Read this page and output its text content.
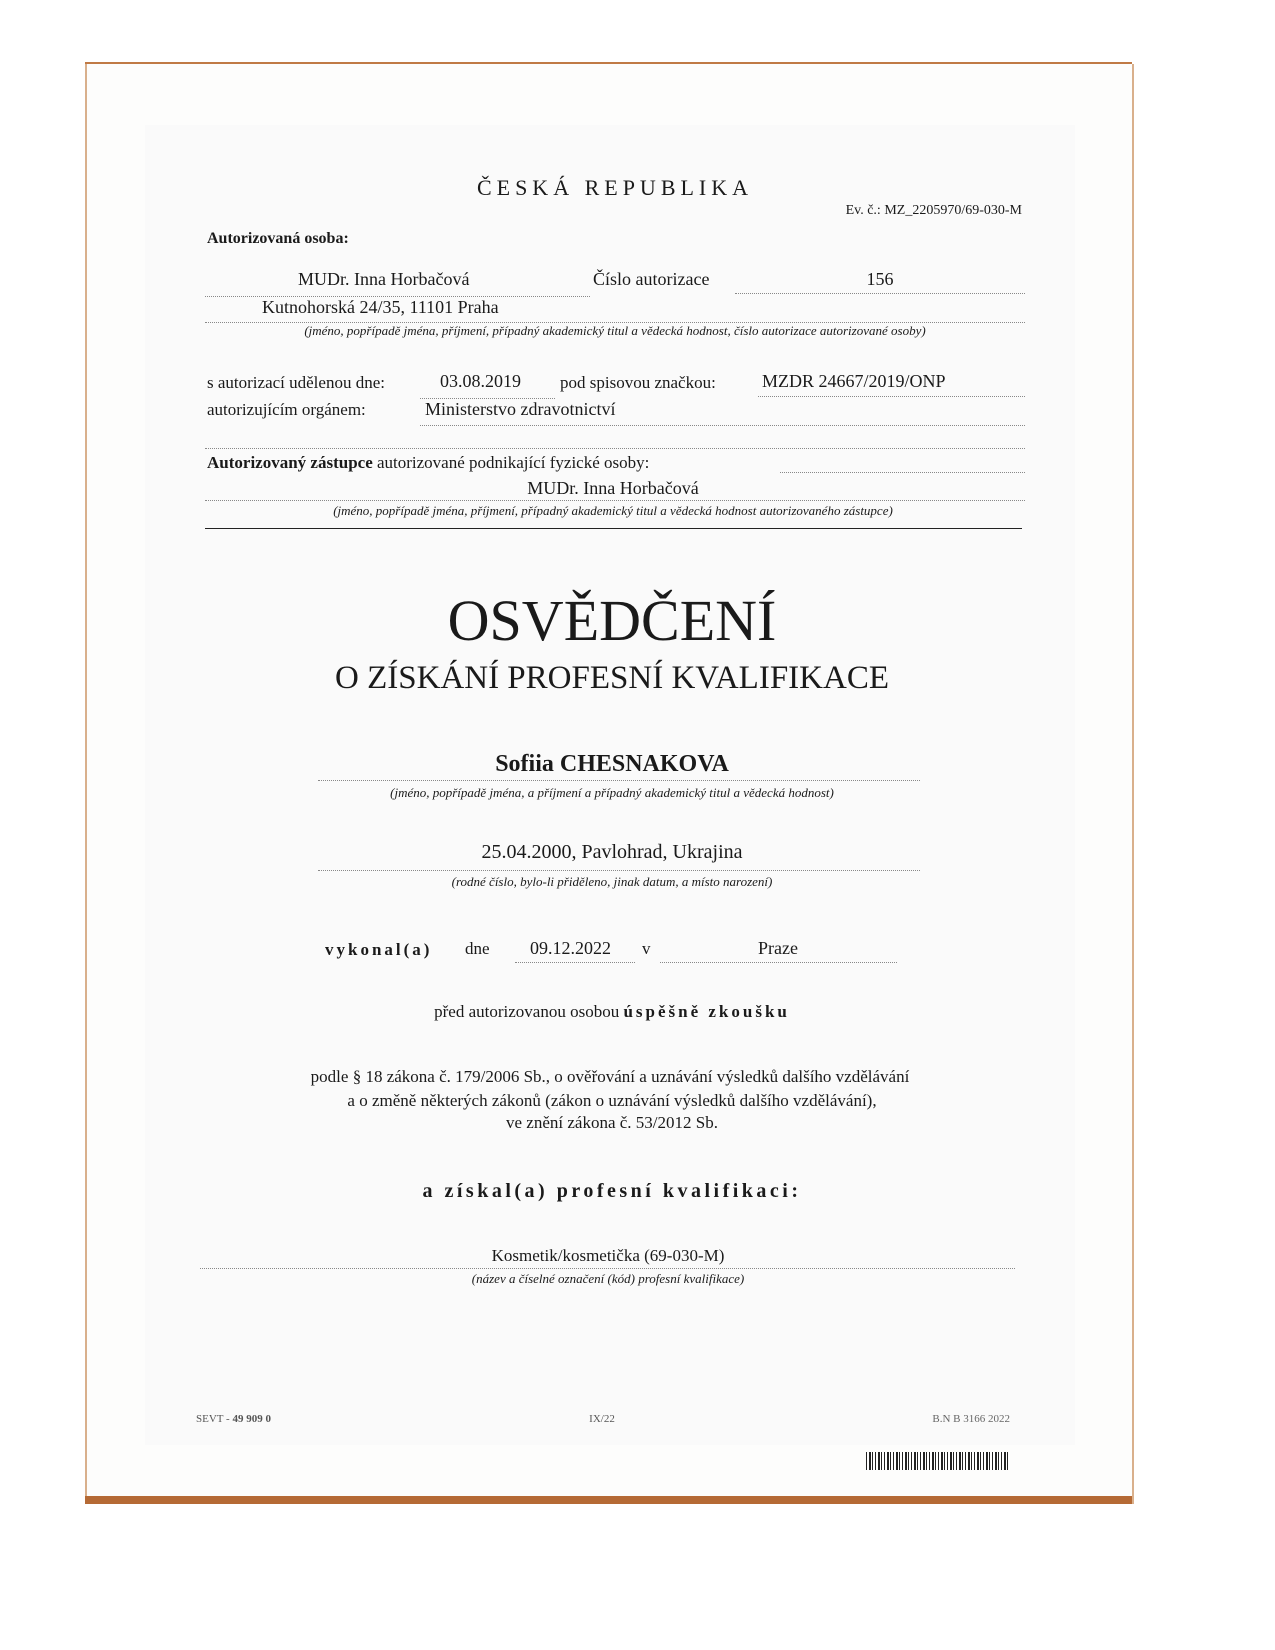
ČESKÁ REPUBLIKA
Ev. č.: MZ_2205970/69-030-M
Autorizovaná osoba:
MUDr. Inna Horbačová	Číslo autorizace	156
Kutnohorská 24/35, 11101 Praha
(jméno, popřípadě jména, příjmení, případný akademický titul a vědecká hodnost, číslo autorizace autorizované osoby)
s autorizací udělenou dne:	03.08.2019 pod spisovou značkou:	MZDR 24667/2019/ONP
autorizujícím orgánem:	Ministerstvo zdravotnictví
Autorizovaný zástupce autorizované podnikající fyzické osoby:
MUDr. Inna Horbačová
(jméno, popřípadě jména, příjmení, případný akademický titul a vědecká hodnost autorizovaného zástupce)
OSVĚDČENÍ
O ZÍSKÁNÍ PROFESNÍ KVALIFIKACE
Sofiia CHESNAKOVA
(jméno, popřípadě jména, a příjmení a případný akademický titul a vědecká hodnost)
25.04.2000, Pavlohrad, Ukrajina
(rodné číslo, bylo-li přiděleno, jinak datum, a místo narození)
vykonal(a) dne 09.12.2022 v	Praze
před autorizovanou osobou úspěšně zkoušku
podle § 18 zákona č. 179/2006 Sb., o ověřování a uznávání výsledků dalšího vzdělávání
a o změně některých zákonů (zákon o uznávání výsledků dalšího vzdělávání),
ve znění zákona č. 53/2012 Sb.
a získal(a) profesní kvalifikaci:
Kosmetik/kosmetička (69-030-M)
(název a číselné označení (kód) profesní kvalifikace)
SEVT - 49 909 0	IX/22	B.N B 3166 2022
